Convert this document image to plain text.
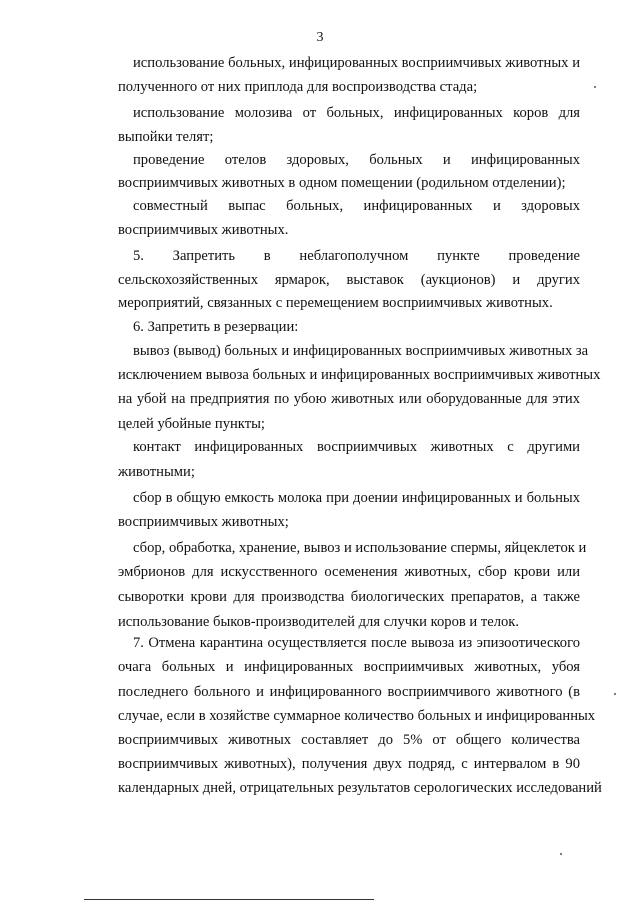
3
использование больных, инфицированных восприимчивых животных и
полученного от них приплода для воспроизводства стада;
использование молозива от больных, инфицированных коров для
выпойки телят;
проведение отелов здоровых, больных и инфицированных
восприимчивых животных в одном помещении (родильном отделении);
совместный выпас больных, инфицированных и здоровых
восприимчивых животных.
5. Запретить в неблагополучном пункте проведение
сельскохозяйственных ярмарок, выставок (аукционов) и других
мероприятий, связанных с перемещением восприимчивых животных.
6. Запретить в резервации:
вывоз (вывод) больных и инфицированных восприимчивых животных за
исключением вывоза больных и инфицированных восприимчивых животных
на убой на предприятия по убою животных или оборудованные для этих
целей убойные пункты;
контакт инфицированных восприимчивых животных с другими
животными;
сбор в общую емкость молока при доении инфицированных и больных
восприимчивых животных;
сбор, обработка, хранение, вывоз и использование спермы, яйцеклеток и
эмбрионов для искусственного осеменения животных, сбор крови или
сыворотки крови для производства биологических препаратов, а также
использование быков-производителей для случки коров и телок.
7. Отмена карантина осуществляется после вывоза из эпизоотического
очага больных и инфицированных восприимчивых животных, убоя
последнего больного и инфицированного восприимчивого животного (в
случае, если в хозяйстве суммарное количество больных и инфицированных
восприимчивых животных составляет до 5% от общего количества
восприимчивых животных), получения двух подряд, с интервалом в 90
календарных дней, отрицательных результатов серологических исследований
